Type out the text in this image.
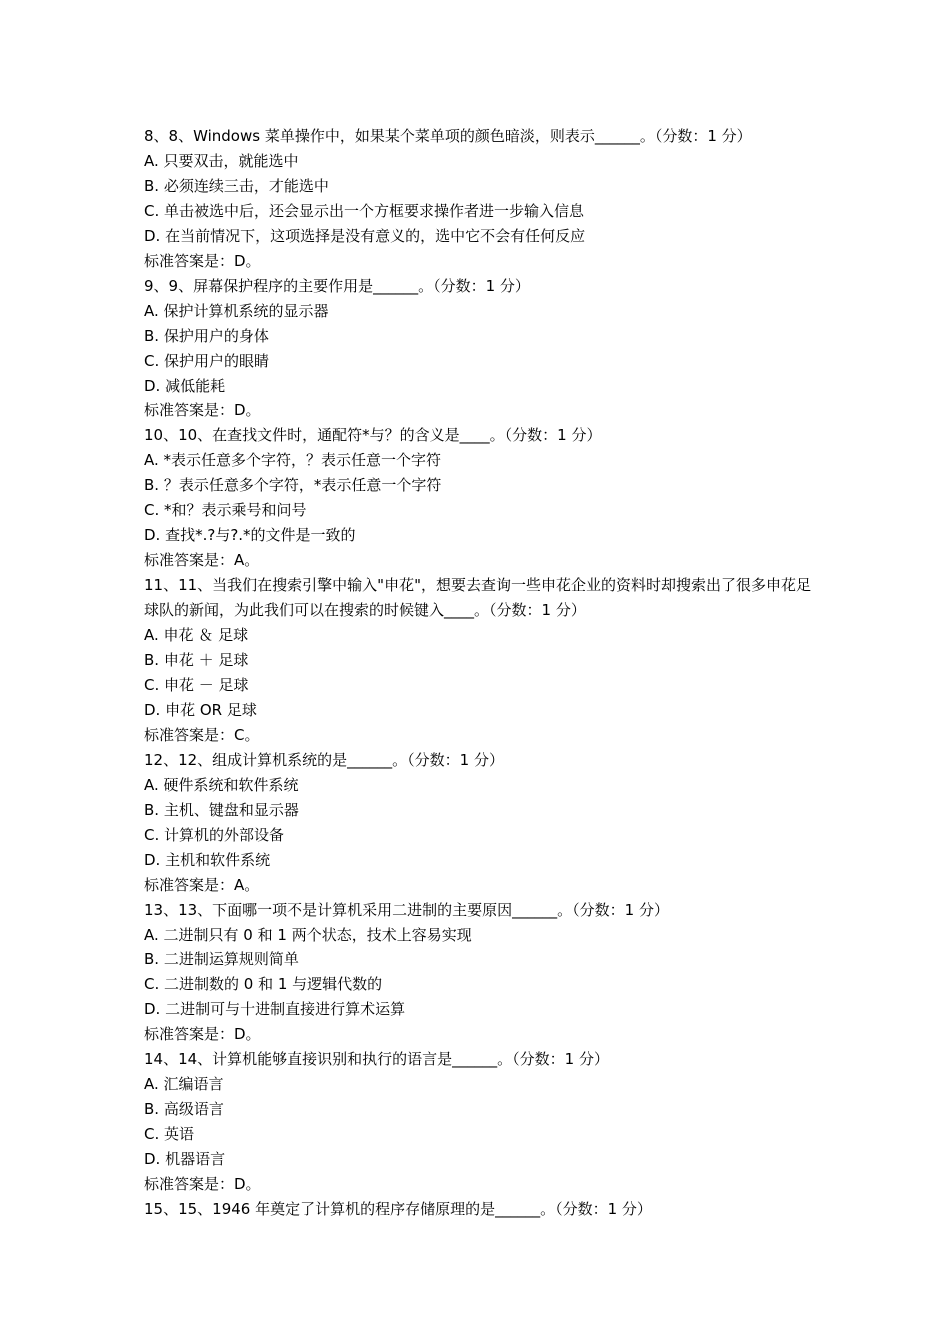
8、8、Windows 菜单操作中，如果某个菜单项的颜色暗淡，则表示______。（分数：1 分）
A. 只要双击，就能选中
B. 必须连续三击，才能选中
C. 单击被选中后，还会显示出一个方框要求操作者进一步输入信息
D. 在当前情况下，这项选择是没有意义的，选中它不会有任何反应
标准答案是：D。
9、9、屏幕保护程序的主要作用是______。（分数：1 分）
A. 保护计算机系统的显示器
B. 保护用户的身体
C. 保护用户的眼睛
D. 减低能耗
标准答案是：D。
10、10、在查找文件时，通配符*与？的含义是____。（分数：1 分）
A. *表示任意多个字符，？表示任意一个字符
B. ？表示任意多个字符，*表示任意一个字符
C. *和？表示乘号和问号
D. 查找*.?与?.*的文件是一致的
标准答案是：A。
11、11、当我们在搜索引擎中输入"申花"，想要去查询一些申花企业的资料时却搜索出了很多申花足球队的新闻，为此我们可以在搜索的时候键入____。（分数：1 分）
A. 申花 ＆ 足球
B. 申花 ＋ 足球
C. 申花 － 足球
D. 申花 OR 足球
标准答案是：C。
12、12、组成计算机系统的是______。（分数：1 分）
A. 硬件系统和软件系统
B. 主机、键盘和显示器
C. 计算机的外部设备
D. 主机和软件系统
标准答案是：A。
13、13、下面哪一项不是计算机采用二进制的主要原因______。（分数：1 分）
A. 二进制只有 0 和 1 两个状态，技术上容易实现
B. 二进制运算规则简单
C. 二进制数的 0 和 1 与逻辑代数的
D. 二进制可与十进制直接进行算术运算
标准答案是：D。
14、14、计算机能够直接识别和执行的语言是______。（分数：1 分）
A. 汇编语言
B. 高级语言
C. 英语
D. 机器语言
标准答案是：D。
15、15、1946 年奠定了计算机的程序存储原理的是______。（分数：1 分）
